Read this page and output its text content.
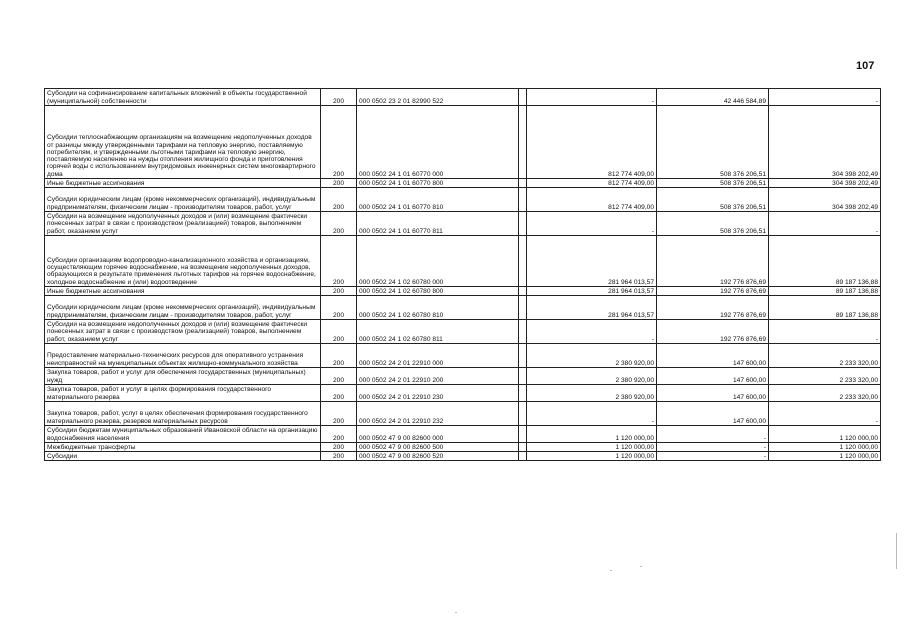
107
Субсидии на софинансирование капитальных вложений в объекты государственной (муниципальной) собственности	200	000 0502 23 2 01 82990 522		-	42 446 584,89	-
Субсидии теплоснабжающим организациям на возмещение недополученных доходов от разницы между утвержденными тарифами на тепловую энергию, поставляемую потребителям, и утвержденными льготными тарифами на тепловую энергию, поставляемую населению на нужды отопления жилищного фонда и приготовления горячей воды с использованием внутридомовых инженерных систем многоквартирного дома	200	000 0502 24 1 01 60770 000		812 774 409,00	508 376 206,51	304 398 202,49
Иные бюджетные ассигнования	200	000 0502 24 1 01 60770 800		812 774 409,00	508 376 206,51	304 398 202,49
Субсидии юридическим лицам (кроме некоммерческих организаций), индивидуальным предпринимателям, физическим лицам - производителям товаров, работ, услуг	200	000 0502 24 1 01 60770 810		812 774 409,00	508 376 206,51	304 398 202,49
Субсидии на возмещение недополученных доходов и (или) возмещение фактически понесенных затрат в связи с производством (реализацией) товаров, выполнением работ, оказанием услуг	200	000 0502 24 1 01 60770 811		-	508 376 206,51	-
Субсидии организациям водопроводно-канализационного хозяйства и организациям, осуществляющим горячее водоснабжение, на возмещение недополученных доходов, образующихся в результате применения льготных тарифов на горячее водоснабжение, холодное водоснабжение и (или) водоотведение	200	000 0502 24 1 02 60780 000		281 964 013,57	192 776 876,69	89 187 136,88
Иные бюджетные ассигнования	200	000 0502 24 1 02 60780 800		281 964 013,57	192 776 876,69	89 187 136,88
Субсидии юридическим лицам (кроме некоммерческих организаций), индивидуальным предпринимателям, физическим лицам - производителям товаров, работ, услуг	200	000 0502 24 1 02 60780 810		281 964 013,57	192 776 876,69	89 187 136,88
Субсидии на возмещение недополученных доходов и (или) возмещение фактически понесенных затрат в связи с производством (реализацией) товаров, выполнением работ, оказанием услуг	200	000 0502 24 1 02 60780 811		-	192 776 876,69	-
Предоставление материально-технических ресурсов для оперативного устранения неисправностей на муниципальных объектах жилищно-коммунального хозяйства	200	000 0502 24 2 01 22910 000		2 380 920,00	147 600,00	2 233 320,00
Закупка товаров, работ и услуг для обеспечения государственных (муниципальных) нужд	200	000 0502 24 2 01 22910 200		2 380 920,00	147 600,00	2 233 320,00
Закупка товаров, работ и услуг в целях формирования государственного материального резерва	200	000 0502 24 2 01 22910 230		2 380 920,00	147 600,00	2 233 320,00
Закупка товаров, работ, услуг в целях обеспечения формирования государственного материального резерва, резервов материальных ресурсов	200	000 0502 24 2 01 22910 232		-	147 600,00	-
Субсидии бюджетам муниципальных образований Ивановской области на организацию водоснабжения населения	200	000 0502 47 9 00 82600 000		1 120 000,00	-	1 120 000,00
Межбюджетные трансферты	200	000 0502 47 9 00 82600 500		1 120 000,00	-	1 120 000,00
Субсидии	200	000 0502 47 9 00 82600 520		1 120 000,00	-	1 120 000,00
